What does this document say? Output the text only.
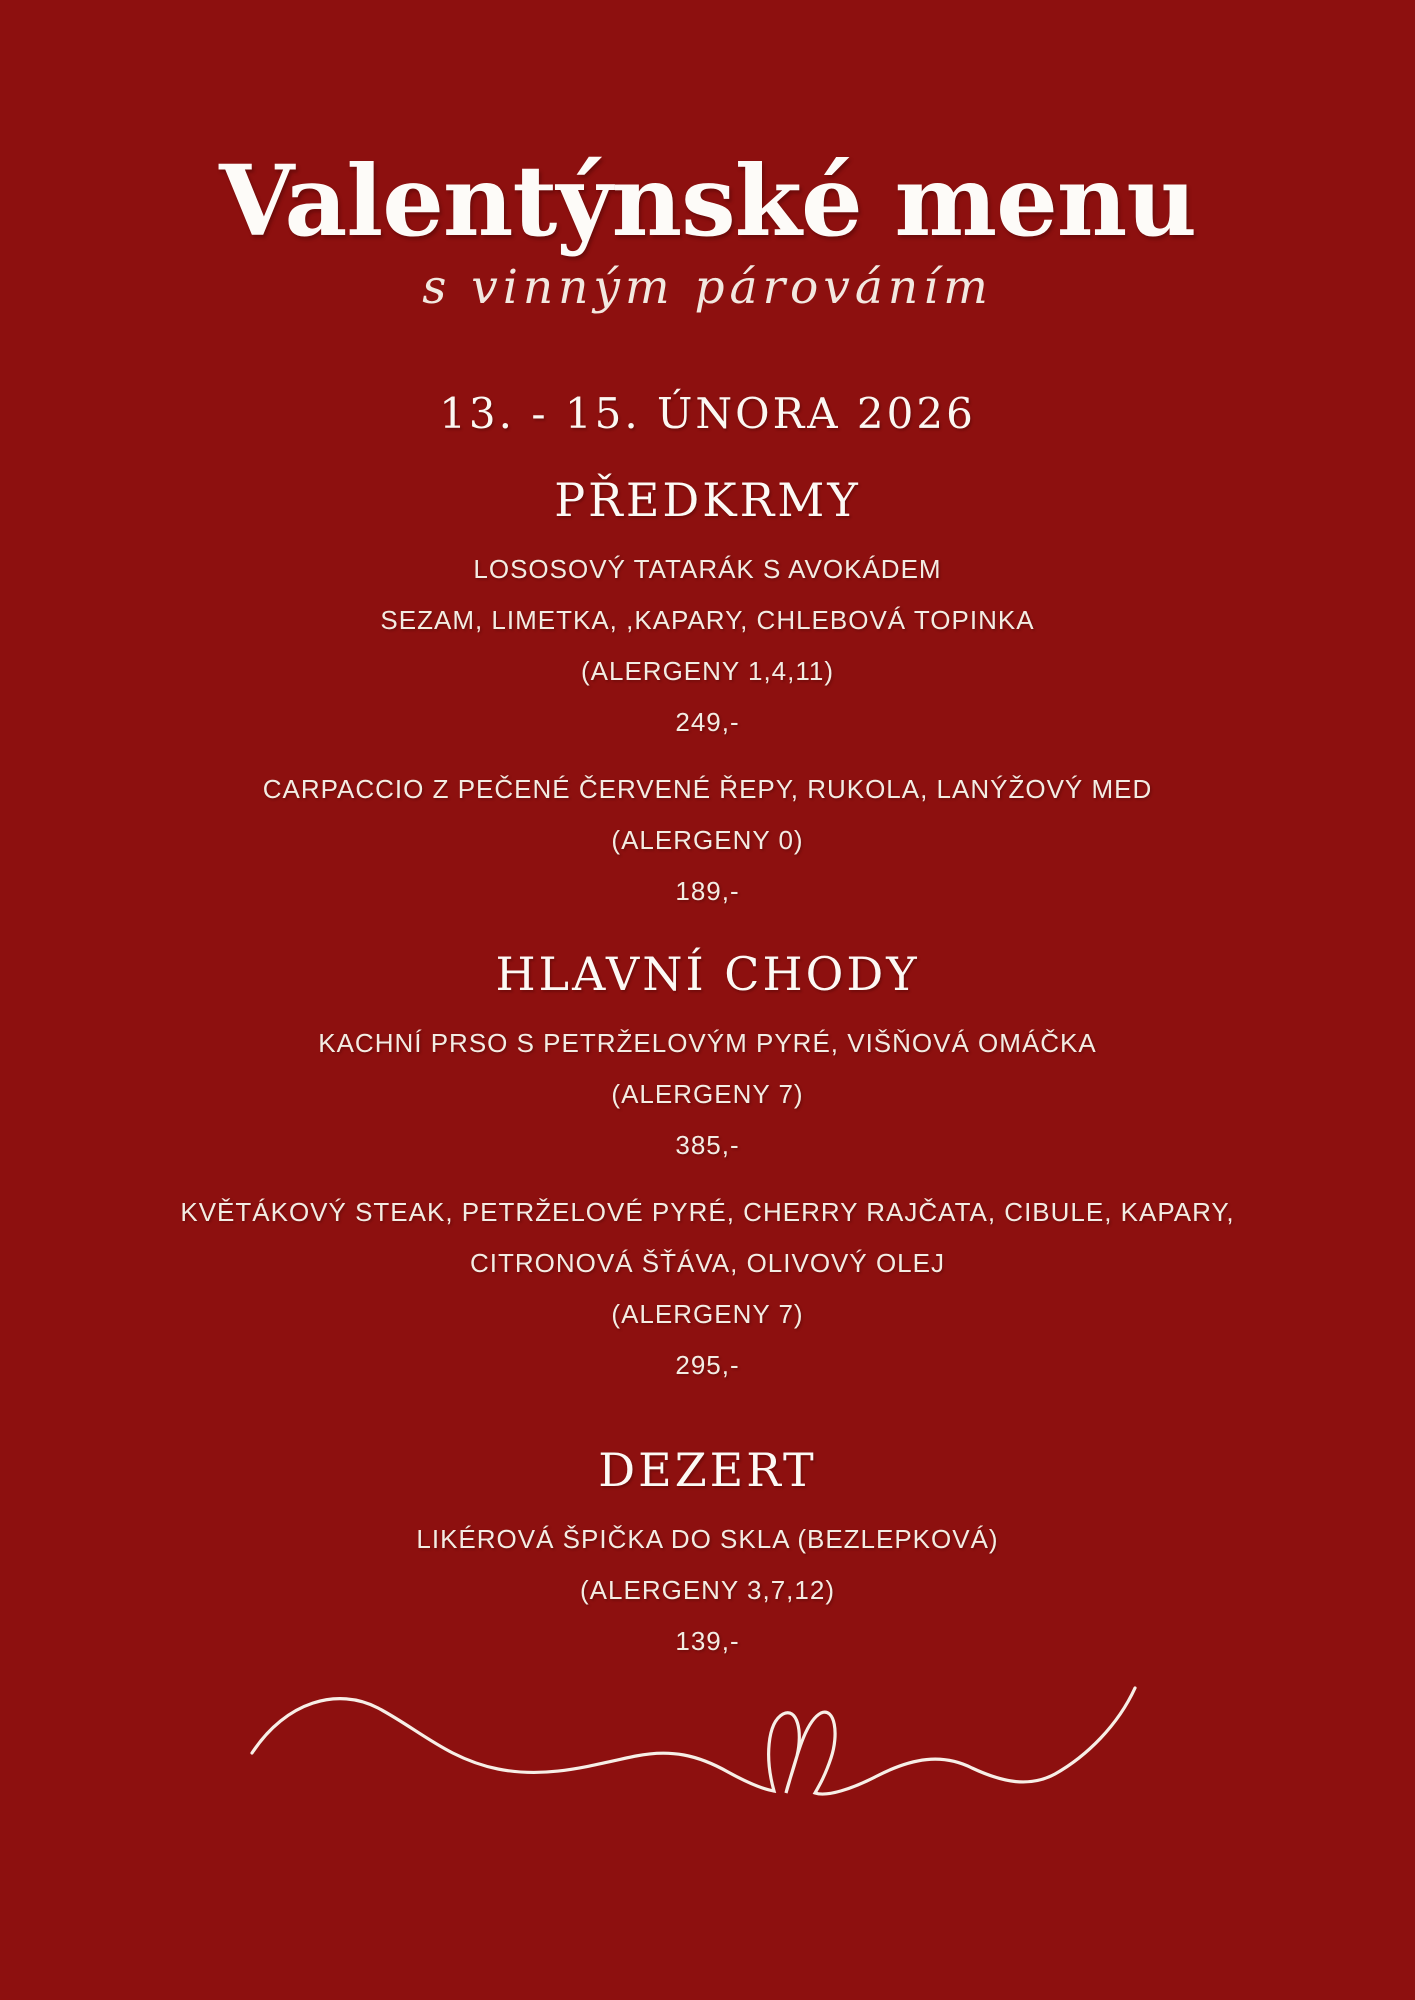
Valentýnské menu
s vinným párováním
13. - 15. ÚNORA 2026
PŘEDKRMY
LOSOSOVÝ TATARÁK S AVOKÁDEM
SEZAM, LIMETKA, ,KAPARY, CHLEBOVÁ TOPINKA
(ALERGENY 1,4,11)
249,-
CARPACCIO Z PEČENÉ ČERVENÉ ŘEPY, RUKOLA, LANÝŽOVÝ MED
(ALERGENY 0)
189,-
HLAVNÍ CHODY
KACHNÍ PRSO S PETRŽELOVÝM PYRÉ, VIŠŇOVÁ OMÁČKA
(ALERGENY 7)
385,-
KVĚTÁKOVÝ STEAK, PETRŽELOVÉ PYRÉ, CHERRY RAJČATA, CIBULE, KAPARY,
CITRONOVÁ ŠŤÁVA, OLIVOVÝ OLEJ
(ALERGENY 7)
295,-
DEZERT
LIKÉROVÁ ŠPIČKA DO SKLA (BEZLEPKOVÁ)
(ALERGENY 3,7,12)
139,-
